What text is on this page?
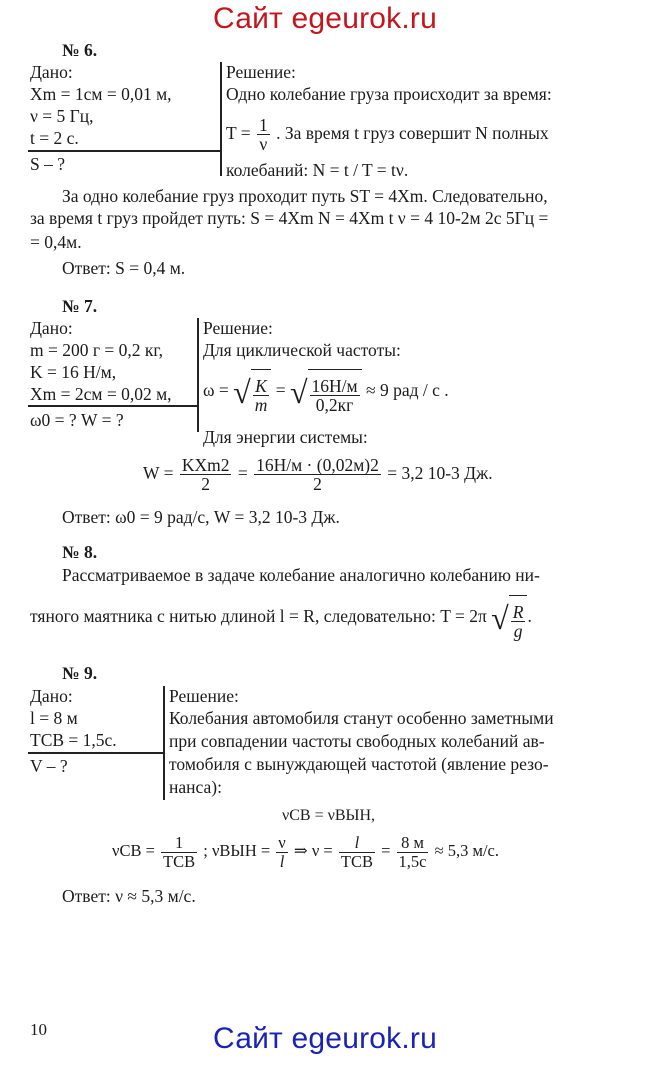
Сайт egeurok.ru
№ 6.
Дано:
Xm = 1см = 0,01 м,
ν = 5 Гц,
t = 2 с.
S – ?
Решение:
Одно колебание груза происходит за время:
$T = \frac{1}{\nu}$ . За время t груз совершит N полных
колебаний: N = t / T = tν.
За одно колебание груз проходит путь ST = 4Xm. Следовательно,
за время t груз пройдет путь: S = 4Xm N = 4Xm t ν = 4 10-2м 2с 5Гц =
= 0,4м.
Ответ: S = 0,4 м.
№ 7.
Дано:
m = 200 г = 0,2 кг,
K = 16 Н/м,
Xm = 2см = 0,02 м,
ω0 = ? W = ?
Решение:
Для циклической частоты:
ω = √ $\frac{K}{m}$ = √ $\frac{16Н/м}{0,2кг} \approx 9$ рад / с .
Для энергии системы:
$W = \frac{\text{KXm2}}{2} = \frac{16Н/м \cdot (0,02м)2}{2} = 3,2$ 10-3 Дж.
Ответ: ω0 = 9 рад/с, W = 3,2 10-3 Дж.
№ 8.
Рассматриваемое в задаче колебание аналогично колебанию ни-
тяного маятника с нитью длиной l = R, следовательно: T = 2π √ $\frac{R}{g}$ .
№ 9.
Дано:
l = 8 м
TСВ = 1,5с.
V – ?
Решение:
Колебания автомобиля станут особенно заметными
при совпадении частоты свободных колебаний ав-
томобиля с вынуждающей частотой (явление резо-
нанса):
νСВ = νВЫН,
$\nu СВ = \frac{1}{\text{TСВ}}$ ; $\nu ВЫН = \frac{\nu}{l}$ ⇒ $\nu = \frac{l}{\text{TСВ}} = \frac{8 м}{1,5с} \approx 5,3$ м/с.
Ответ: ν ≈ 5,3 м/с.
10	Сайт egeurok.ru
